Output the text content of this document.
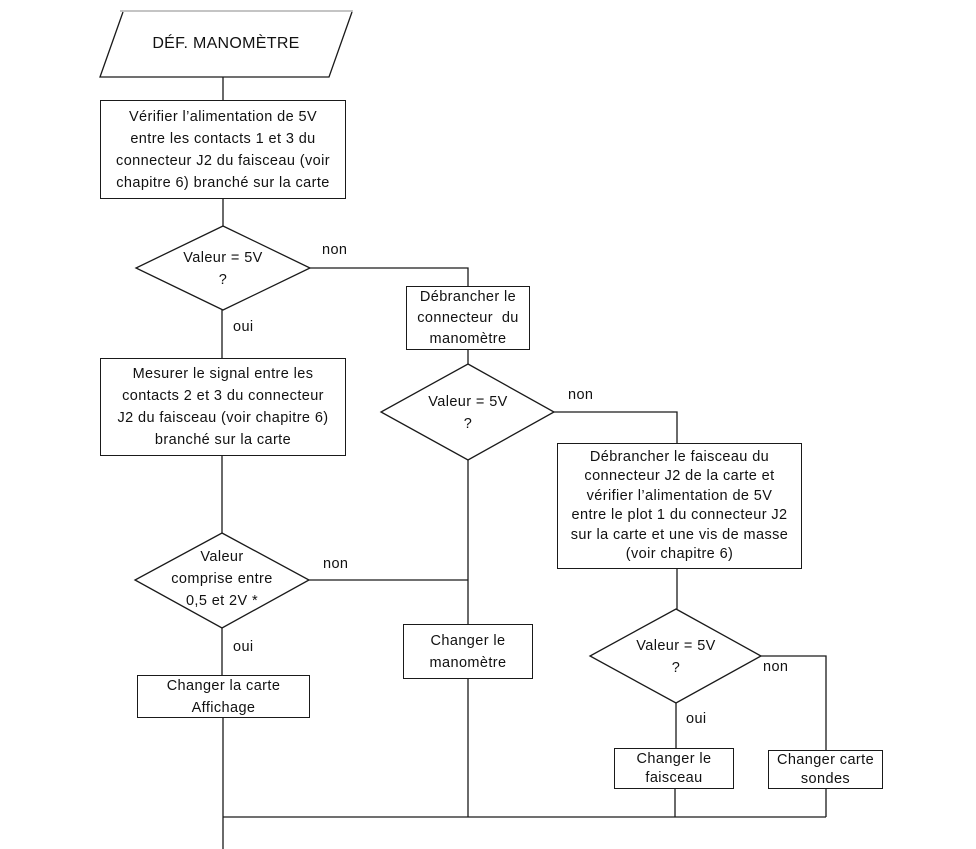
DÉF. MANOMÈTRE
Vérifier l’alimentation de 5V
entre les contacts 1 et 3 du
connecteur J2 du faisceau (voir
chapitre 6) branché sur la carte
Débrancher le
connecteur  du
manomètre
Mesurer le signal entre les
contacts 2 et 3 du connecteur
J2 du faisceau (voir chapitre 6)
branché sur la carte
Débrancher le faisceau du
connecteur J2 de la carte et
vérifier l’alimentation de 5V
entre le plot 1 du connecteur J2
sur la carte et une vis de masse
(voir chapitre 6)
Changer la carte
Affichage
Changer le
manomètre
Changer le
faisceau
Changer carte
sondes
Valeur = 5V
?
Valeur = 5V
?
Valeur
comprise entre
0,5 et 2V *
Valeur = 5V
?
non
oui
non
non
oui
non
oui
